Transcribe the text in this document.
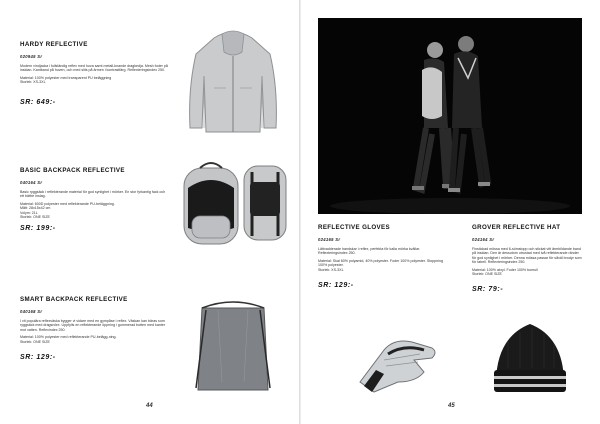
HARDY REFLECTIVE
020945 Sr
Modern vindjacka i fullständig reflex med huva samt metall-knande dragkedja. Mesh foder på insidan. Kantband på huven, och med slits på ärmen i kontrastfärg. Reflexteringsindex 250.
Material: 100% polyester med transparent PU beläggning
Storlek: XS-3XL
SR: 649:-
BASIC BACKPACK REFLECTIVE
040164 Sr
Basic ryggsäck i reflekterande material för god synlighet i mörker. En stor fyrkantig fack och ett bättre inslag.
Material: 600D polyester med reflekterande PU-beläggning.
Mått: 28x15x42 cm
Volym: 21L
Storlek: ONE SIZE
SR: 199:-
SMART BACKPACK REFLECTIVE
040168 Sr
I vit populära reflexväska bygger vi vidare med en gympåse i reflex. Väskan kan bäras som ryggsäck med dragsnöre. Uppfylls en reflekterande öppning i gummerad botten med kanter mot vatten. Reflexindex 250.
Material: 100% polyester med reflekterande PU-belägg-ning.
Storlek: ONE SIZE
SR: 129:-
44
REFLECTIVE GLOVES
024165 Sr
Lättvadderade handskar i reflex, perfekta för kalla mörka kvällar. Reflexteringsindex 250.
Material: Skal 60% polyamid, 40% polyester. Foder 100% polyester. Stoppning 100% polyester.
Storlek: XS-3XL
SR: 129:-
GROVER REFLECTIVE HAT
024164 Sr
Finstickad mössa med 6-sömstopp och stickat vitt ärmbildande band på insidan. Den är dessutom utrustad med två reflekterande ränder för god synlighet i mörker. Denna mössa passar för såväl brodyr som för tabell. Reflexteringsindex 250.
Material: 100% akryl. Foder 100% bomull
Storlek: ONE SIZE
SR: 79:-
45
